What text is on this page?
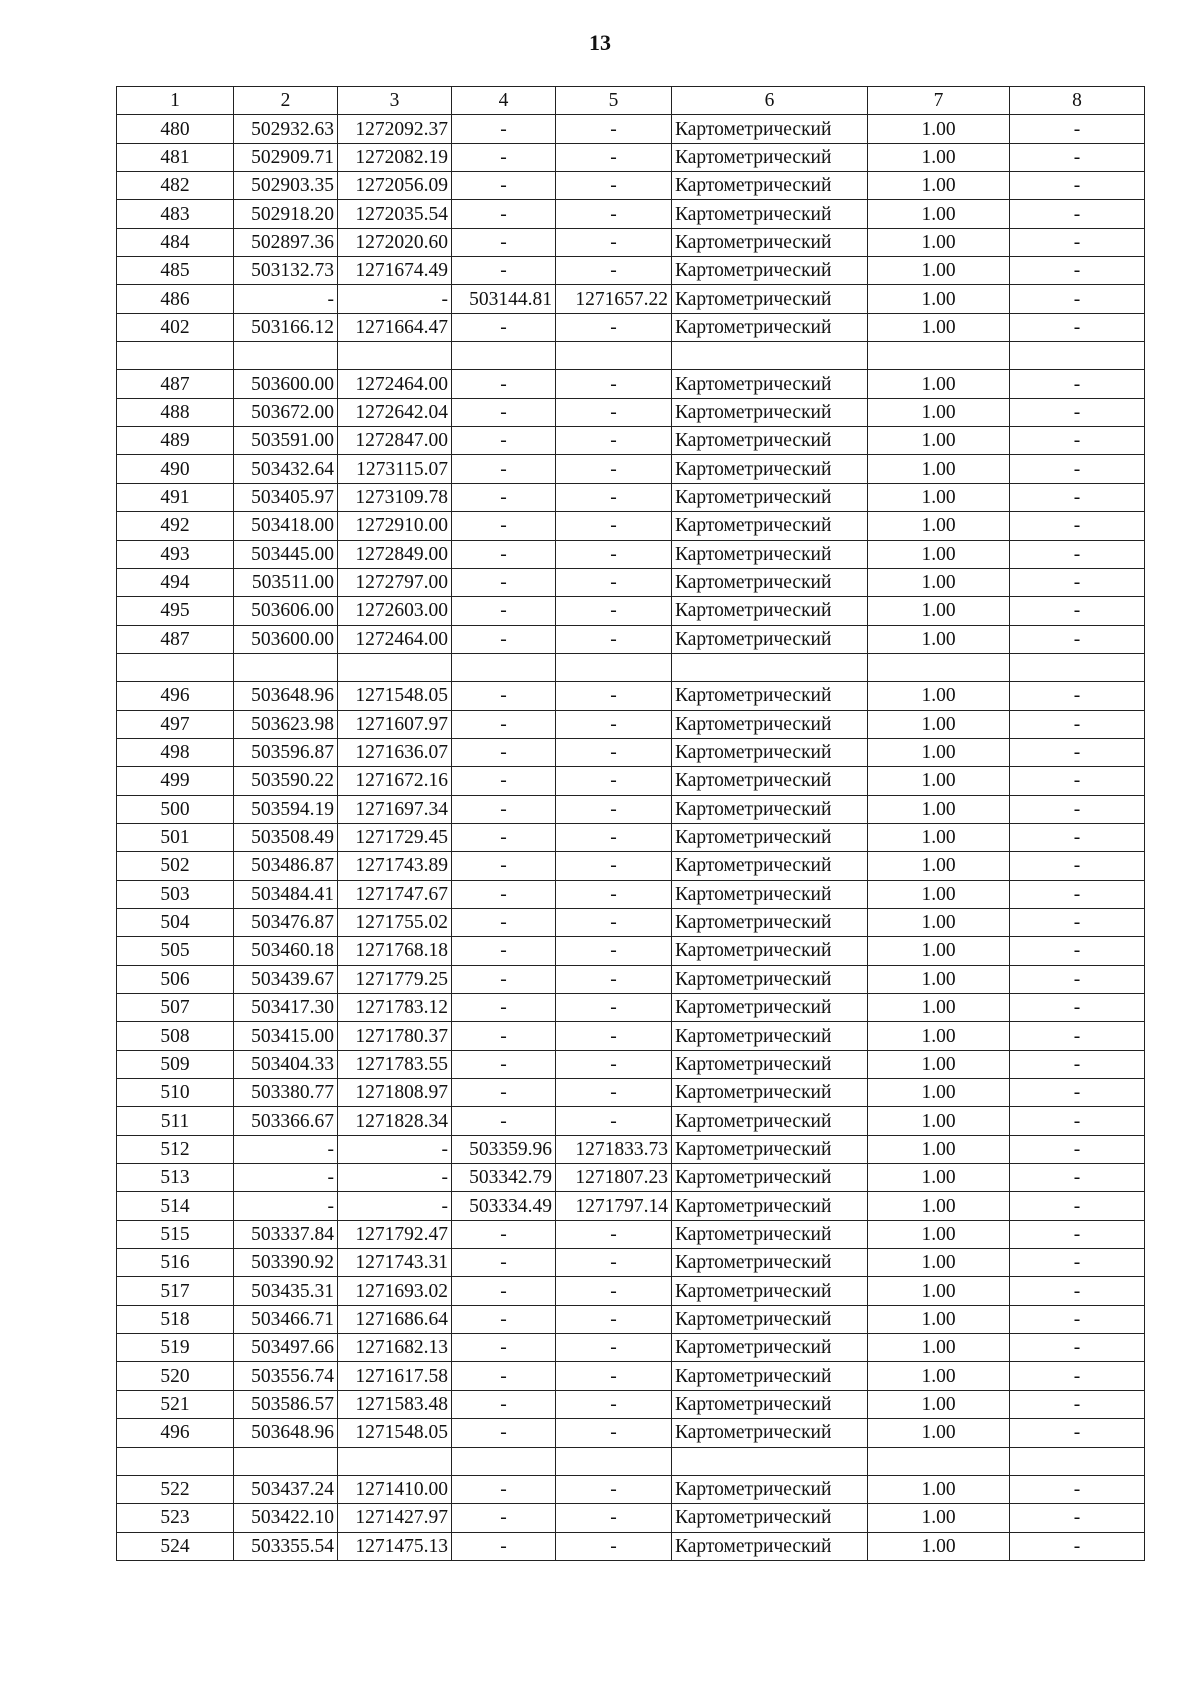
13
1	2	3	4	5	6	7	8
480	502932.63	1272092.37	-	-	Картометрический	1.00	-
481	502909.71	1272082.19	-	-	Картометрический	1.00	-
482	502903.35	1272056.09	-	-	Картометрический	1.00	-
483	502918.20	1272035.54	-	-	Картометрический	1.00	-
484	502897.36	1272020.60	-	-	Картометрический	1.00	-
485	503132.73	1271674.49	-	-	Картометрический	1.00	-
486	-	-	503144.81	1271657.22	Картометрический	1.00	-
402	503166.12	1271664.47	-	-	Картометрический	1.00	-

487	503600.00	1272464.00	-	-	Картометрический	1.00	-
488	503672.00	1272642.04	-	-	Картометрический	1.00	-
489	503591.00	1272847.00	-	-	Картометрический	1.00	-
490	503432.64	1273115.07	-	-	Картометрический	1.00	-
491	503405.97	1273109.78	-	-	Картометрический	1.00	-
492	503418.00	1272910.00	-	-	Картометрический	1.00	-
493	503445.00	1272849.00	-	-	Картометрический	1.00	-
494	503511.00	1272797.00	-	-	Картометрический	1.00	-
495	503606.00	1272603.00	-	-	Картометрический	1.00	-
487	503600.00	1272464.00	-	-	Картометрический	1.00	-

496	503648.96	1271548.05	-	-	Картометрический	1.00	-
497	503623.98	1271607.97	-	-	Картометрический	1.00	-
498	503596.87	1271636.07	-	-	Картометрический	1.00	-
499	503590.22	1271672.16	-	-	Картометрический	1.00	-
500	503594.19	1271697.34	-	-	Картометрический	1.00	-
501	503508.49	1271729.45	-	-	Картометрический	1.00	-
502	503486.87	1271743.89	-	-	Картометрический	1.00	-
503	503484.41	1271747.67	-	-	Картометрический	1.00	-
504	503476.87	1271755.02	-	-	Картометрический	1.00	-
505	503460.18	1271768.18	-	-	Картометрический	1.00	-
506	503439.67	1271779.25	-	-	Картометрический	1.00	-
507	503417.30	1271783.12	-	-	Картометрический	1.00	-
508	503415.00	1271780.37	-	-	Картометрический	1.00	-
509	503404.33	1271783.55	-	-	Картометрический	1.00	-
510	503380.77	1271808.97	-	-	Картометрический	1.00	-
511	503366.67	1271828.34	-	-	Картометрический	1.00	-
512	-	-	503359.96	1271833.73	Картометрический	1.00	-
513	-	-	503342.79	1271807.23	Картометрический	1.00	-
514	-	-	503334.49	1271797.14	Картометрический	1.00	-
515	503337.84	1271792.47	-	-	Картометрический	1.00	-
516	503390.92	1271743.31	-	-	Картометрический	1.00	-
517	503435.31	1271693.02	-	-	Картометрический	1.00	-
518	503466.71	1271686.64	-	-	Картометрический	1.00	-
519	503497.66	1271682.13	-	-	Картометрический	1.00	-
520	503556.74	1271617.58	-	-	Картометрический	1.00	-
521	503586.57	1271583.48	-	-	Картометрический	1.00	-
496	503648.96	1271548.05	-	-	Картометрический	1.00	-

522	503437.24	1271410.00	-	-	Картометрический	1.00	-
523	503422.10	1271427.97	-	-	Картометрический	1.00	-
524	503355.54	1271475.13	-	-	Картометрический	1.00	-
